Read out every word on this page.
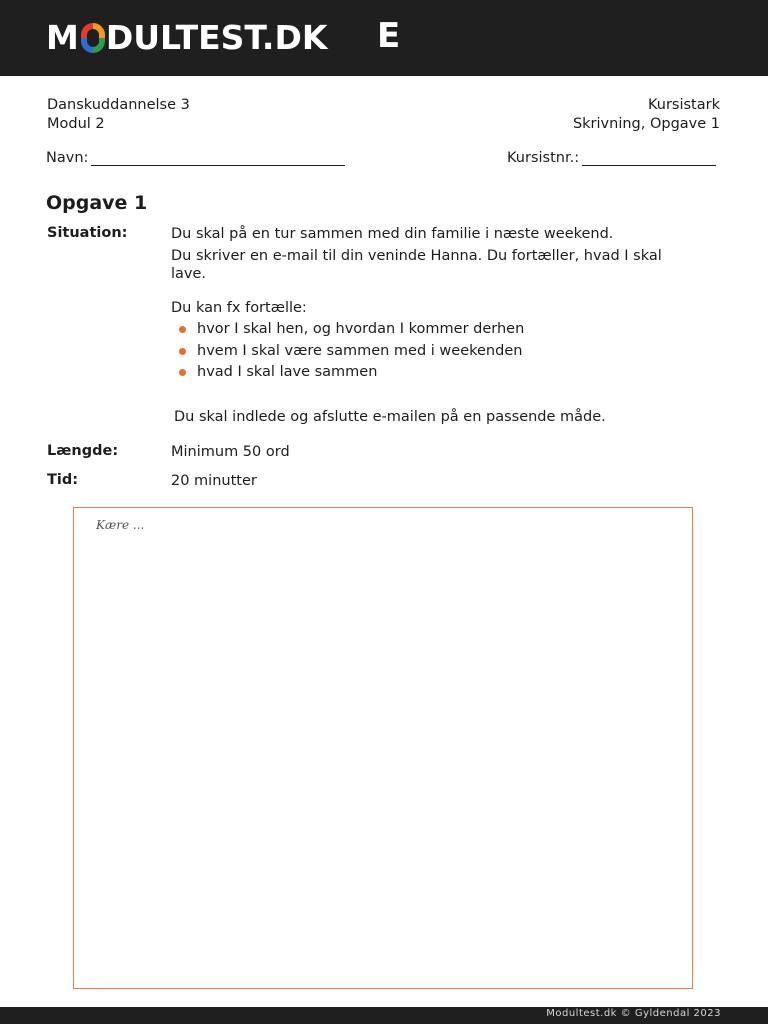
M DULTEST.DK E
Danskuddannelse 3
Modul 2
Kursistark
Skrivning, Opgave 1
Navn:	Kursistnr.:
Opgave 1
Situation:	Du skal på en tur sammen med din familie i næste weekend.
Du skriver en e-mail til din veninde Hanna. Du fortæller, hvad I skal lave.
Du kan fx fortælle:
hvor I skal hen, og hvordan I kommer derhen
hvem I skal være sammen med i weekenden
hvad I skal lave sammen
Du skal indlede og afslutte e-mailen på en passende måde.
Længde:	Minimum 50 ord
Tid:	20 minutter
Kære ...
Modultest.dk © Gyldendal 2023
